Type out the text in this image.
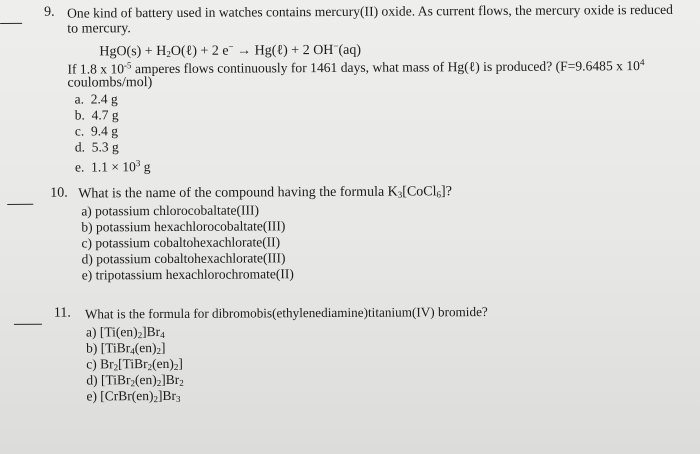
9. One kind of battery used in watches contains mercury(II) oxide. As current flows, the mercury oxide is reduced
to mercury.
$HgO(s) + H_2O(\ell) + 2$ e− → Hg(ℓ) + 2 OH−(aq)
If 1.8 x $10^{-5}$ amperes flows continuously for 1461 days, what mass of Hg(ℓ) is produced? (F=9.6485 x $10^4$
coulombs/mol)
a. 2.4 g
b. 4.7 g
c. 9.4 g
d. 5.3 g
e. $1.1 \times 10^3$ g
10. What is the name of the compound having the formula $K_3[CoCl_6]$?
a) potassium chlorocobaltate(III)
b) potassium hexachlorocobaltate(III)
c) potassium cobaltohexachlorate(II)
d) potassium cobaltohexachlorate(III)
e) tripotassium hexachlorochromate(II)
11. What is the formula for dibromobis(ethylenediamine)titanium(IV) bromide?
a) $[Ti(en)_2]Br_4$
b) $[TiBr_4(en)_2]$
c) $Br_2[TiBr_2(en)_2]$
d) $[TiBr_2(en)_2]Br_2$
e) $[CrBr(en)_2]Br_3$
